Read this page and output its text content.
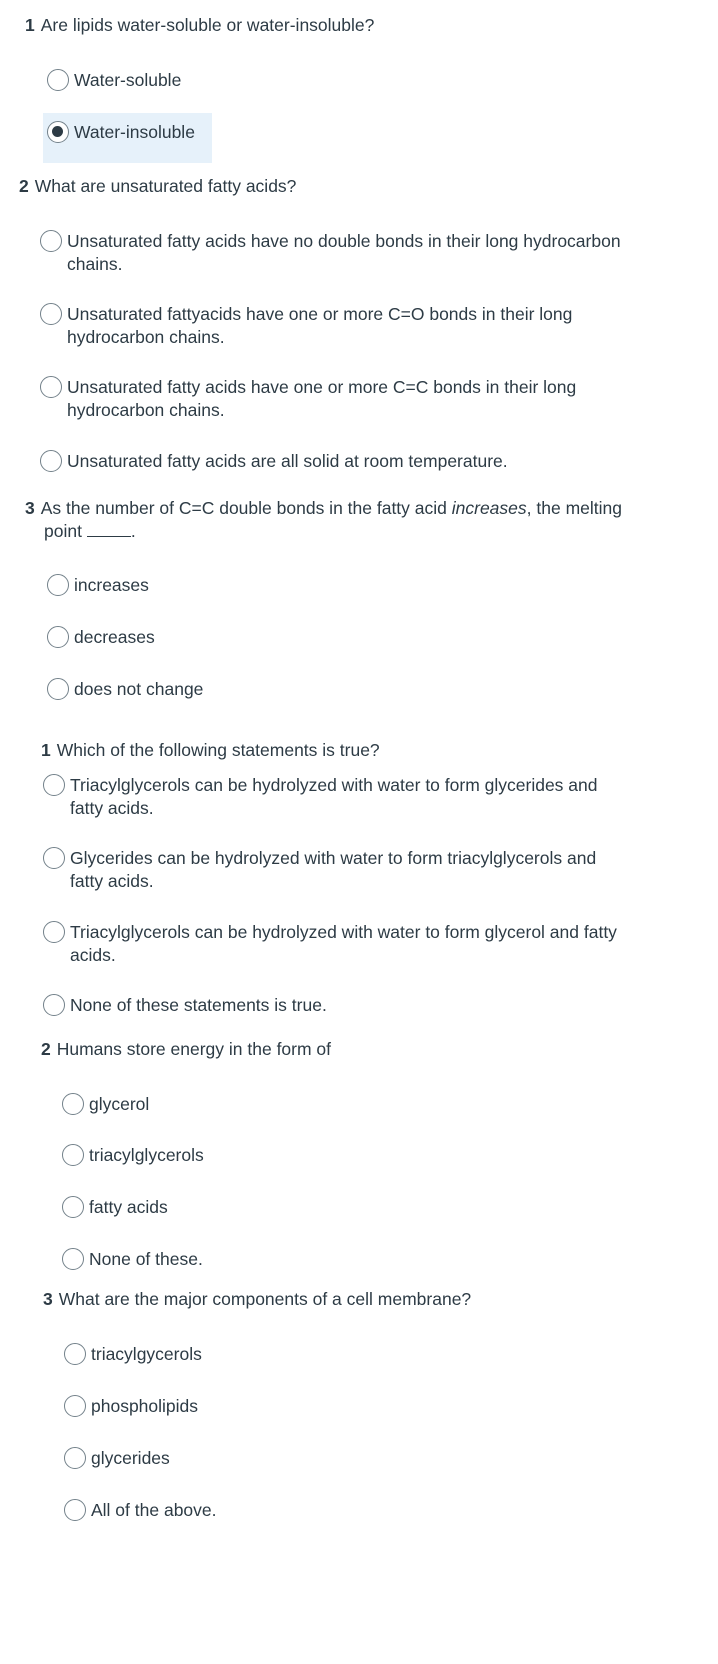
1 Are lipids water-soluble or water-insoluble?
Water-soluble
Water-insoluble
2 What are unsaturated fatty acids?
Unsaturated fatty acids have no double bonds in their long hydrocarbon
chains.
Unsaturated fattyacids have one or more C=O bonds in their long
hydrocarbon chains.
Unsaturated fatty acids have one or more C=C bonds in their long
hydrocarbon chains.
Unsaturated fatty acids are all solid at room temperature.
3 As the number of C=C double bonds in the fatty acid increases, the melting
point	.
increases
decreases
does not change
1 Which of the following statements is true?
Triacylglycerols can be hydrolyzed with water to form glycerides and
fatty acids.
Glycerides can be hydrolyzed with water to form triacylglycerols and
fatty acids.
Triacylglycerols can be hydrolyzed with water to form glycerol and fatty
acids.
None of these statements is true.
2 Humans store energy in the form of
glycerol
triacylglycerols
fatty acids
None of these.
3 What are the major components of a cell membrane?
triacylgycerols
phospholipids
glycerides
All of the above.
